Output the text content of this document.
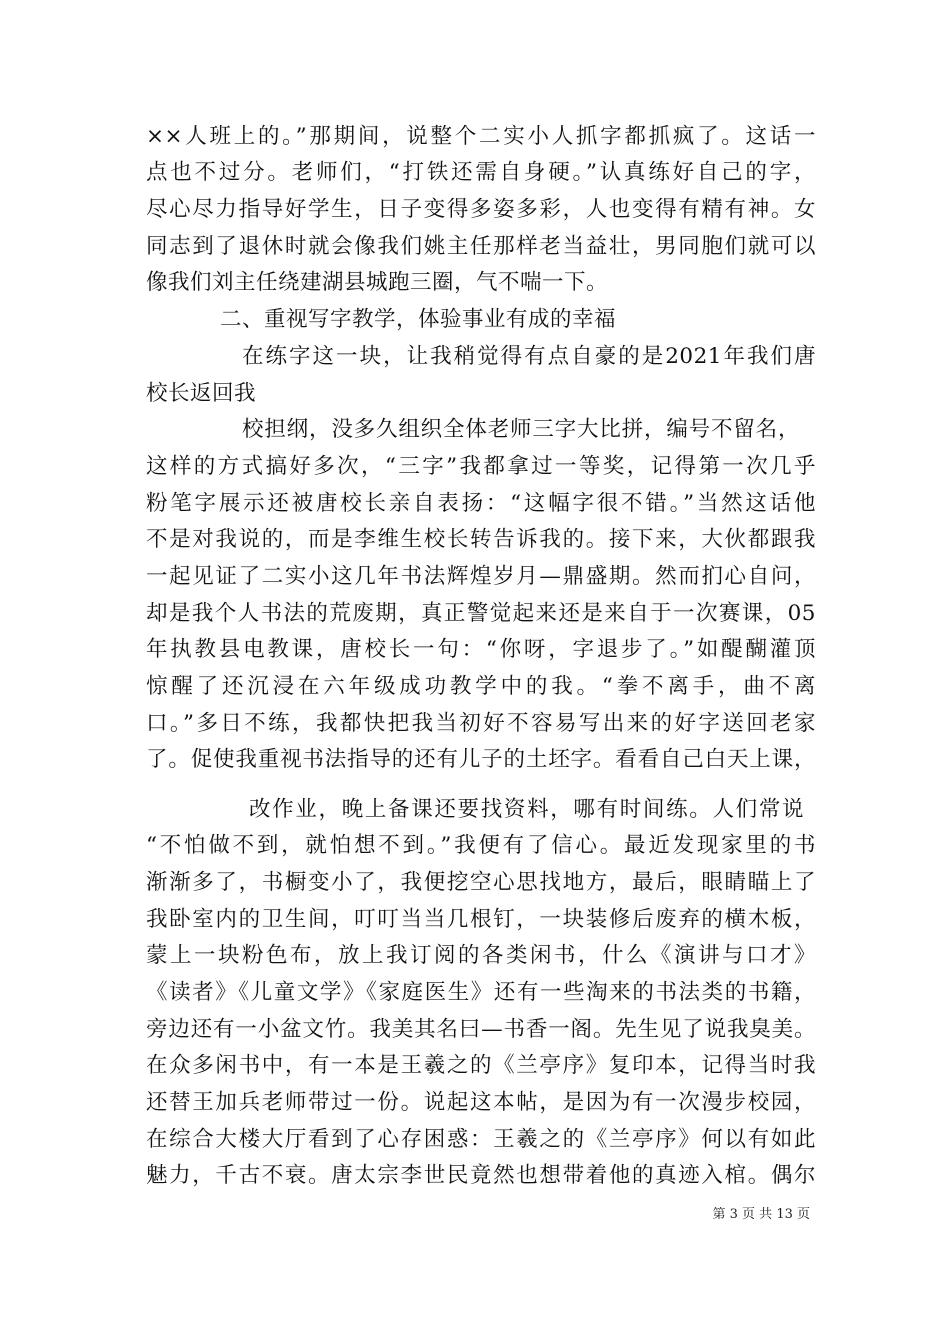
××人班上的。”那期间，说整个二实小人抓字都抓疯了。这话一
点也不过分。老师们，“打铁还需自身硬。”认真练好自己的字，
尽心尽力指导好学生，日子变得多姿多彩，人也变得有精有神。女
同志到了退休时就会像我们姚主任那样老当益壮，男同胞们就可以
像我们刘主任绕建湖县城跑三圈，气不喘一下。
二、重视写字教学，体验事业有成的幸福
在练字这一块，让我稍觉得有点自豪的是2021年我们唐
校长返回我
校担纲，没多久组织全体老师三字大比拼，编号不留名，
这样的方式搞好多次，“三字”我都拿过一等奖，记得第一次几乎
粉笔字展示还被唐校长亲自表扬：“这幅字很不错。”当然这话他
不是对我说的，而是李维生校长转告诉我的。接下来，大伙都跟我
一起见证了二实小这几年书法辉煌岁月—鼎盛期。然而扪心自问，
却是我个人书法的荒废期，真正警觉起来还是来自于一次赛课，05
年执教县电教课，唐校长一句：“你呀，字退步了。”如醍醐灌顶
惊醒了还沉浸在六年级成功教学中的我。“拳不离手，曲不离
口。”多日不练，我都快把我当初好不容易写出来的好字送回老家
了。促使我重视书法指导的还有儿子的土坯字。看看自己白天上课，
改作业，晚上备课还要找资料，哪有时间练。人们常说
“不怕做不到，就怕想不到。”我便有了信心。最近发现家里的书
渐渐多了，书橱变小了，我便挖空心思找地方，最后，眼睛瞄上了
我卧室内的卫生间，叮叮当当几根钉，一块装修后废弃的横木板，
蒙上一块粉色布，放上我订阅的各类闲书，什么《演讲与口才》
《读者》《儿童文学》《家庭医生》还有一些淘来的书法类的书籍，
旁边还有一小盆文竹。我美其名曰—书香一阁。先生见了说我臭美。
在众多闲书中，有一本是王羲之的《兰亭序》复印本，记得当时我
还替王加兵老师带过一份。说起这本帖，是因为有一次漫步校园，
在综合大楼大厅看到了心存困惑：王羲之的《兰亭序》何以有如此
魅力，千古不衰。唐太宗李世民竟然也想带着他的真迹入棺。偶尔
第 3 页 共 13 页
